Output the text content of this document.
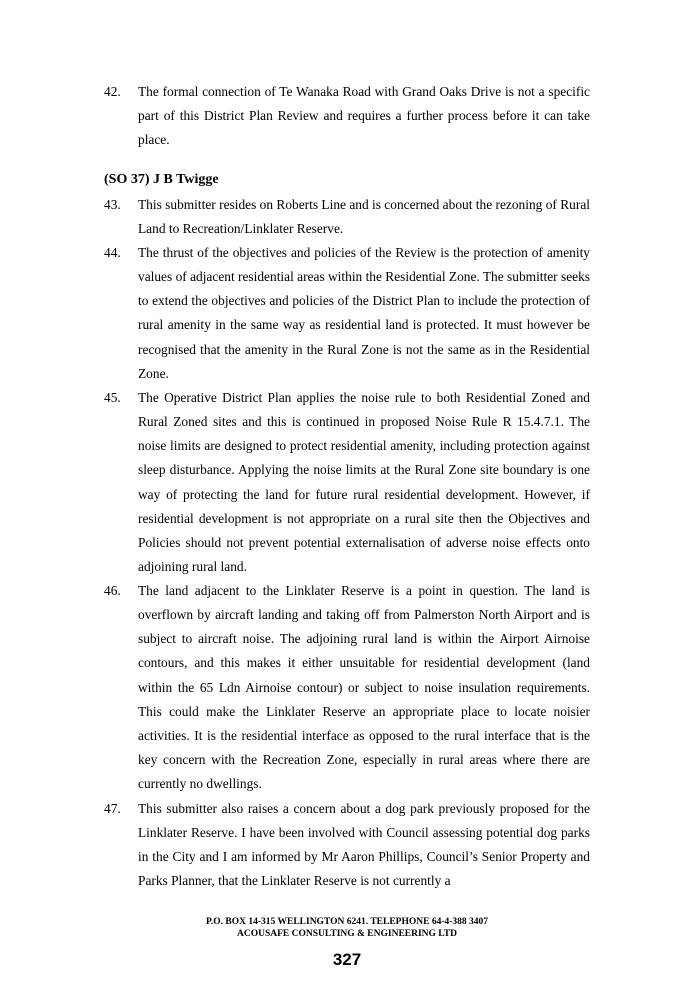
42.	The formal connection of Te Wanaka Road with Grand Oaks Drive is not a specific part of this District Plan Review and requires a further process before it can take place.
(SO 37) J B Twigge
43.	This submitter resides on Roberts Line and is concerned about the rezoning of Rural Land to Recreation/Linklater Reserve.
44.	The thrust of the objectives and policies of the Review is the protection of amenity values of adjacent residential areas within the Residential Zone. The submitter seeks to extend the objectives and policies of the District Plan to include the protection of rural amenity in the same way as residential land is protected. It must however be recognised that the amenity in the Rural Zone is not the same as in the Residential Zone.
45.	The Operative District Plan applies the noise rule to both Residential Zoned and Rural Zoned sites and this is continued in proposed Noise Rule R 15.4.7.1. The noise limits are designed to protect residential amenity, including protection against sleep disturbance. Applying the noise limits at the Rural Zone site boundary is one way of protecting the land for future rural residential development. However, if residential development is not appropriate on a rural site then the Objectives and Policies should not prevent potential externalisation of adverse noise effects onto adjoining rural land.
46.	The land adjacent to the Linklater Reserve is a point in question. The land is overflown by aircraft landing and taking off from Palmerston North Airport and is subject to aircraft noise. The adjoining rural land is within the Airport Airnoise contours, and this makes it either unsuitable for residential development (land within the 65 Ldn Airnoise contour) or subject to noise insulation requirements. This could make the Linklater Reserve an appropriate place to locate noisier activities. It is the residential interface as opposed to the rural interface that is the key concern with the Recreation Zone, especially in rural areas where there are currently no dwellings.
47.	This submitter also raises a concern about a dog park previously proposed for the Linklater Reserve. I have been involved with Council assessing potential dog parks in the City and I am informed by Mr Aaron Phillips, Council’s Senior Property and Parks Planner, that the Linklater Reserve is not currently a
P.O. BOX 14-315 WELLINGTON 6241. TELEPHONE 64-4-388 3407
ACOUSAFE CONSULTING & ENGINEERING LTD
327
